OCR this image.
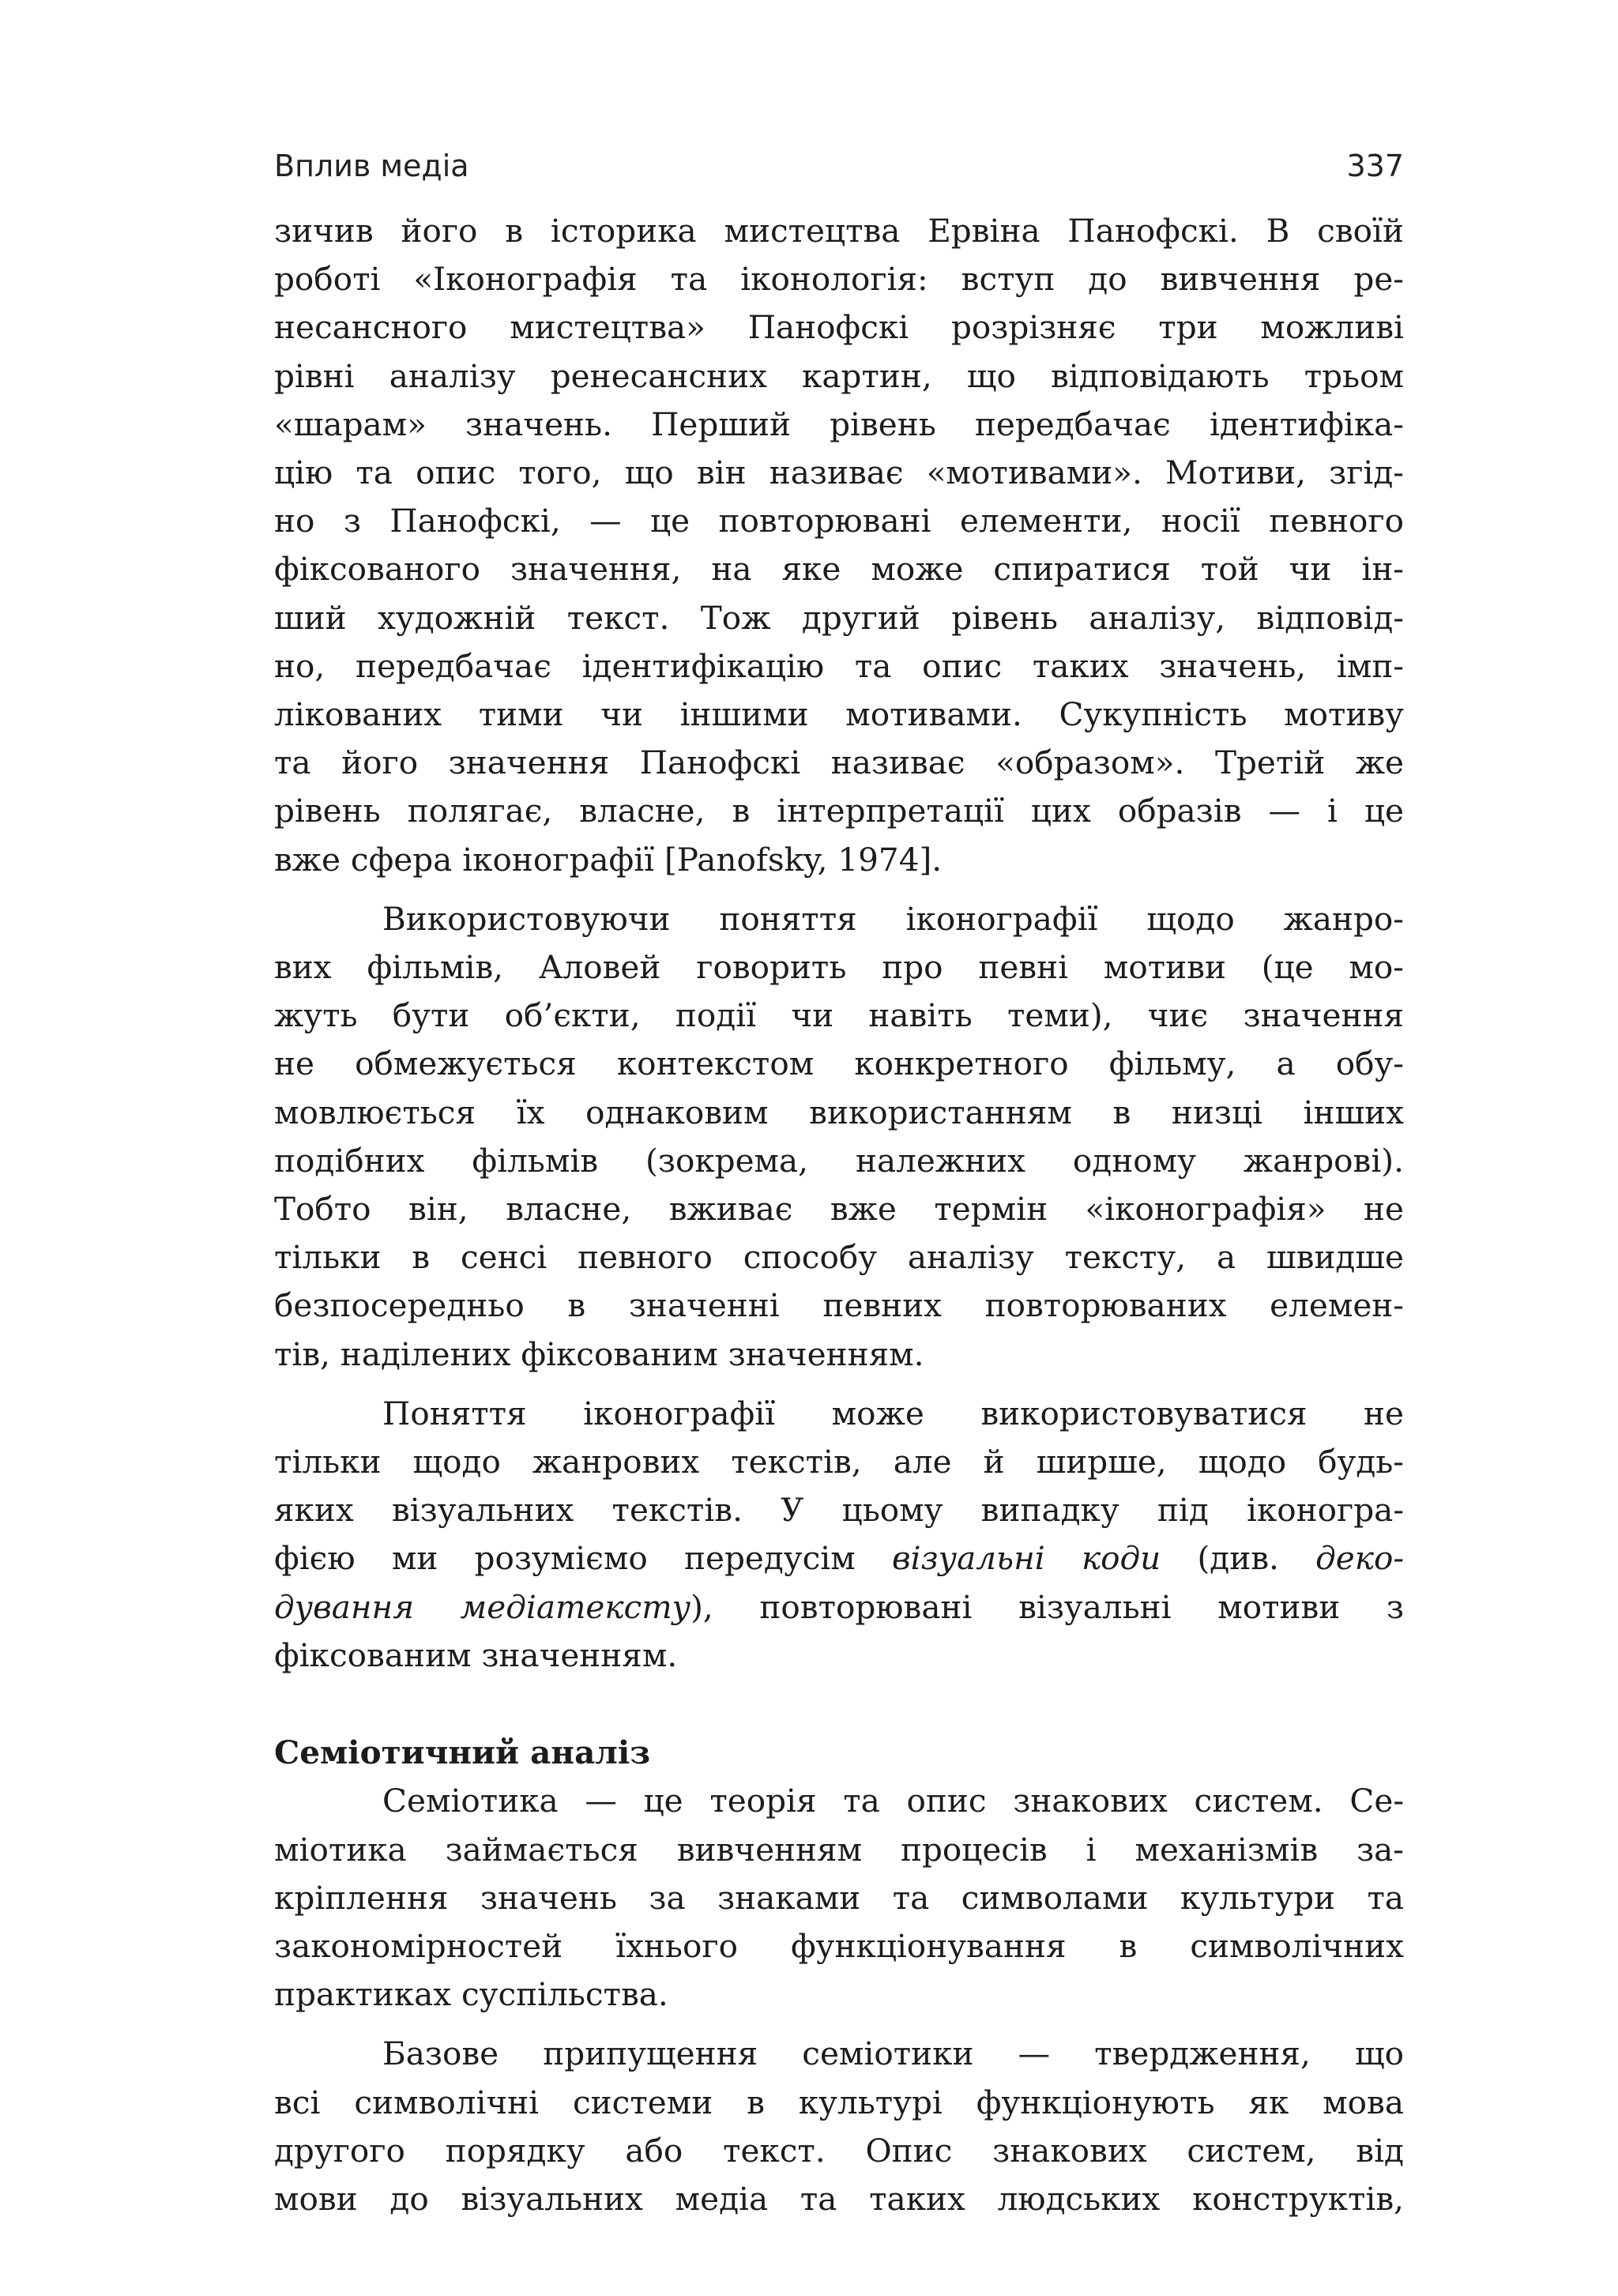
Вплив медіа	337

зичив його в історика мистецтва Ервіна Панофскі. В своїй
роботі «Іконографія та іконологія: вступ до вивчення ре-
несансного мистецтва» Панофскі розрізняє три можливі
рівні аналізу ренесансних картин, що відповідають трьом
«шарам» значень. Перший рівень передбачає ідентифіка-
цію та опис того, що він називає «мотивами». Мотиви, згід-
но з Панофскі, — це повторювані елементи, носії певного
фіксованого значення, на яке може спиратися той чи ін-
ший художній текст. Тож другий рівень аналізу, відповід-
но, передбачає ідентифікацію та опис таких значень, імп-
лікованих тими чи іншими мотивами. Сукупність мотиву
та його значення Панофскі називає «образом». Третій же
рівень полягає, власне, в інтерпретації цих образів — і це
вже сфера іконографії [Panofsky, 1974].

Використовуючи поняття іконографії щодо жанро-
вих фільмів, Аловей говорить про певні мотиви (це мо-
жуть бути об’єкти, події чи навіть теми), чиє значення
не обмежується контекстом конкретного фільму, а обу-
мовлюється їх однаковим використанням в низці інших
подібних фільмів (зокрема, належних одному жанрові).
Тобто він, власне, вживає вже термін «іконографія» не
тільки в сенсі певного способу аналізу тексту, а швидше
безпосередньо в значенні певних повторюваних елемен-
тів, наділених фіксованим значенням.

Поняття іконографії може використовуватися не
тільки щодо жанрових текстів, але й ширше, щодо будь-
яких візуальних текстів. У цьому випадку під іконогра-
фією ми розуміємо передусім візуальні коди (див. деко-
дування медіатексту), повторювані візуальні мотиви з
фіксованим значенням.

Семіотичний аналіз

Семіотика — це теорія та опис знакових систем. Се-
міотика займається вивченням процесів і механізмів за-
кріплення значень за знаками та символами культури та
закономірностей їхнього функціонування в символічних
практиках суспільства.

Базове припущення семіотики — твердження, що
всі символічні системи в культурі функціонують як мова
другого порядку або текст. Опис знакових систем, від
мови до візуальних медіа та таких людських конструктів,
